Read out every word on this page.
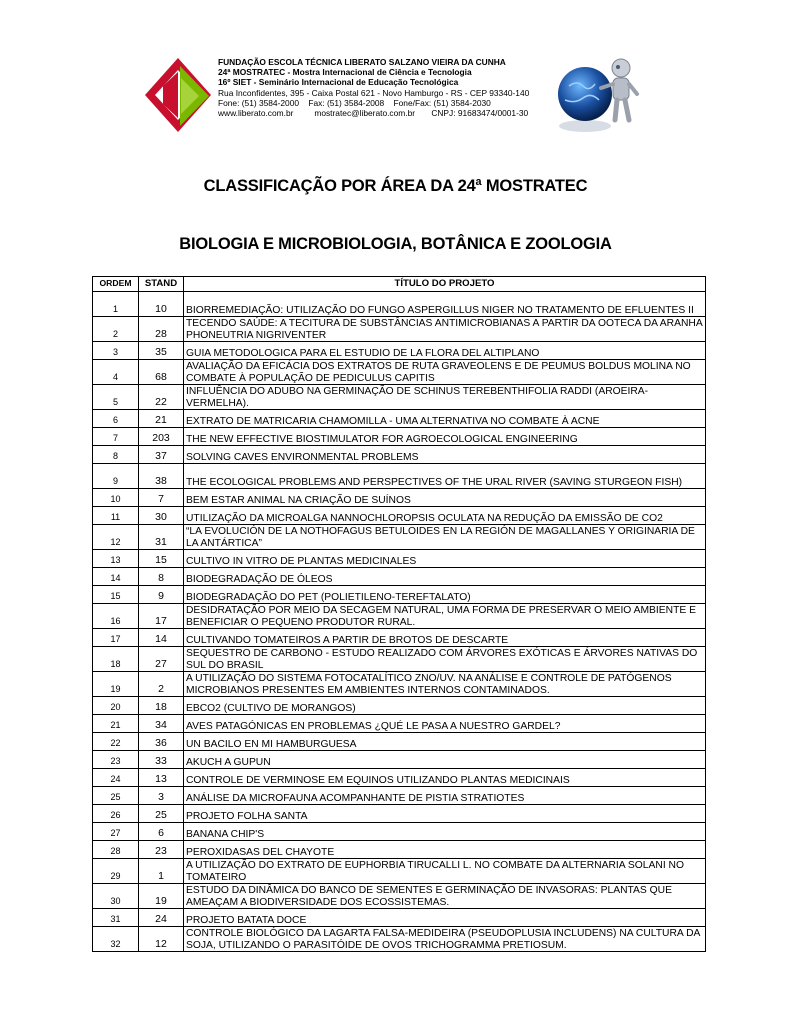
FUNDAÇÃO ESCOLA TÉCNICA LIBERATO SALZANO VIEIRA DA CUNHA
24ª MOSTRATEC - Mostra Internacional de Ciência e Tecnologia
16º SIET - Seminário Internacional de Educação Tecnológica
Rua Inconfidentes, 395 - Caixa Postal 621 - Novo Hamburgo - RS - CEP 93340-140
Fone: (51) 3584-2000 Fax: (51) 3584-2008 Fone/Fax: (51) 3584-2030
www.liberato.com.br mostratec@liberato.com.br CNPJ: 91683474/0001-30
CLASSIFICAÇÃO POR ÁREA DA 24ª MOSTRATEC
BIOLOGIA E MICROBIOLOGIA, BOTÂNICA E ZOOLOGIA
ORDEM	STAND	TÍTULO DO PROJETO
1	10	BIORREMEDIAÇÃO: UTILIZAÇÃO DO FUNGO ASPERGILLUS NIGER NO TRATAMENTO DE EFLUENTES II
2	28	TECENDO SAÚDE: A TECITURA DE SUBSTÂNCIAS ANTIMICROBIANAS A PARTIR DA OOTECA DA ARANHA PHONEUTRIA NIGRIVENTER
3	35	GUIA METODOLOGICA PARA EL ESTUDIO DE LA FLORA DEL ALTIPLANO
4	68	AVALIAÇÃO DA EFICÁCIA DOS EXTRATOS DE RUTA GRAVEOLENS E DE PEUMUS BOLDUS MOLINA NO COMBATE À POPULAÇÃO DE PEDICULUS CAPITIS
5	22	INFLUÊNCIA DO ADUBO NA GERMINAÇÃO DE SCHINUS TEREBENTHIFOLIA RADDI (AROEIRA-VERMELHA).
6	21	EXTRATO DE MATRICARIA CHAMOMILLA - UMA ALTERNATIVA NO COMBATE À ACNE
7	203	THE NEW EFFECTIVE BIOSTIMULATOR FOR AGROECOLOGICAL ENGINEERING
8	37	SOLVING CAVES ENVIRONMENTAL PROBLEMS
9	38	THE ECOLOGICAL PROBLEMS AND PERSPECTIVES OF THE URAL RIVER (SAVING STURGEON FISH)
10	7	BEM ESTAR ANIMAL NA CRIAÇÃO DE SUÍNOS
11	30	UTILIZAÇÃO DA MICROALGA NANNOCHLOROPSIS OCULATA NA REDUÇÃO DA EMISSÃO DE CO2
12	31	“LA EVOLUCIÓN DE LA NOTHOFAGUS BETULOIDES EN LA REGIÓN DE MAGALLANES Y ORIGINARIA DE LA ANTÁRTICA”
13	15	CULTIVO IN VITRO DE PLANTAS MEDICINALES
14	8	BIODEGRADAÇÃO DE ÓLEOS
15	9	BIODEGRADAÇÃO DO PET (POLIETILENO-TEREFTALATO)
16	17	DESIDRATAÇÃO POR MEIO DA SECAGEM NATURAL, UMA FORMA DE PRESERVAR O MEIO AMBIENTE E BENEFICIAR O PEQUENO PRODUTOR RURAL.
17	14	CULTIVANDO TOMATEIROS A PARTIR DE BROTOS DE DESCARTE
18	27	SEQUESTRO DE CARBONO - ESTUDO REALIZADO COM ÁRVORES EXÓTICAS E ÁRVORES NATIVAS DO SUL DO BRASIL
19	2	A UTILIZAÇÃO DO SISTEMA FOTOCATALÍTICO ZNO/UV. NA ANÁLISE E CONTROLE DE PATÓGENOS MICROBIANOS PRESENTES EM AMBIENTES INTERNOS CONTAMINADOS.
20	18	EBCO2 (CULTIVO DE MORANGOS)
21	34	AVES PATAGÓNICAS EN PROBLEMAS ¿QUÉ LE PASA A NUESTRO GARDEL?
22	36	UN BACILO EN MI HAMBURGUESA
23	33	AKUCH A GUPUN
24	13	CONTROLE DE VERMINOSE EM EQUINOS UTILIZANDO PLANTAS MEDICINAIS
25	3	ANÁLISE DA MICROFAUNA ACOMPANHANTE DE PISTIA STRATIOTES
26	25	PROJETO FOLHA SANTA
27	6	BANANA CHIP'S
28	23	PEROXIDASAS DEL CHAYOTE
29	1	A UTILIZAÇÃO DO EXTRATO DE EUPHORBIA TIRUCALLI L. NO COMBATE DA ALTERNARIA SOLANI NO TOMATEIRO
30	19	ESTUDO DA DINÂMICA DO BANCO DE SEMENTES E GERMINAÇÃO DE INVASORAS: PLANTAS QUE AMEAÇAM A BIODIVERSIDADE DOS ECOSSISTEMAS.
31	24	PROJETO BATATA DOCE
32	12	CONTROLE BIOLÓGICO DA LAGARTA FALSA-MEDIDEIRA (PSEUDOPLUSIA INCLUDENS) NA CULTURA DA SOJA, UTILIZANDO O PARASITÓIDE DE OVOS TRICHOGRAMMA PRETIOSUM.
